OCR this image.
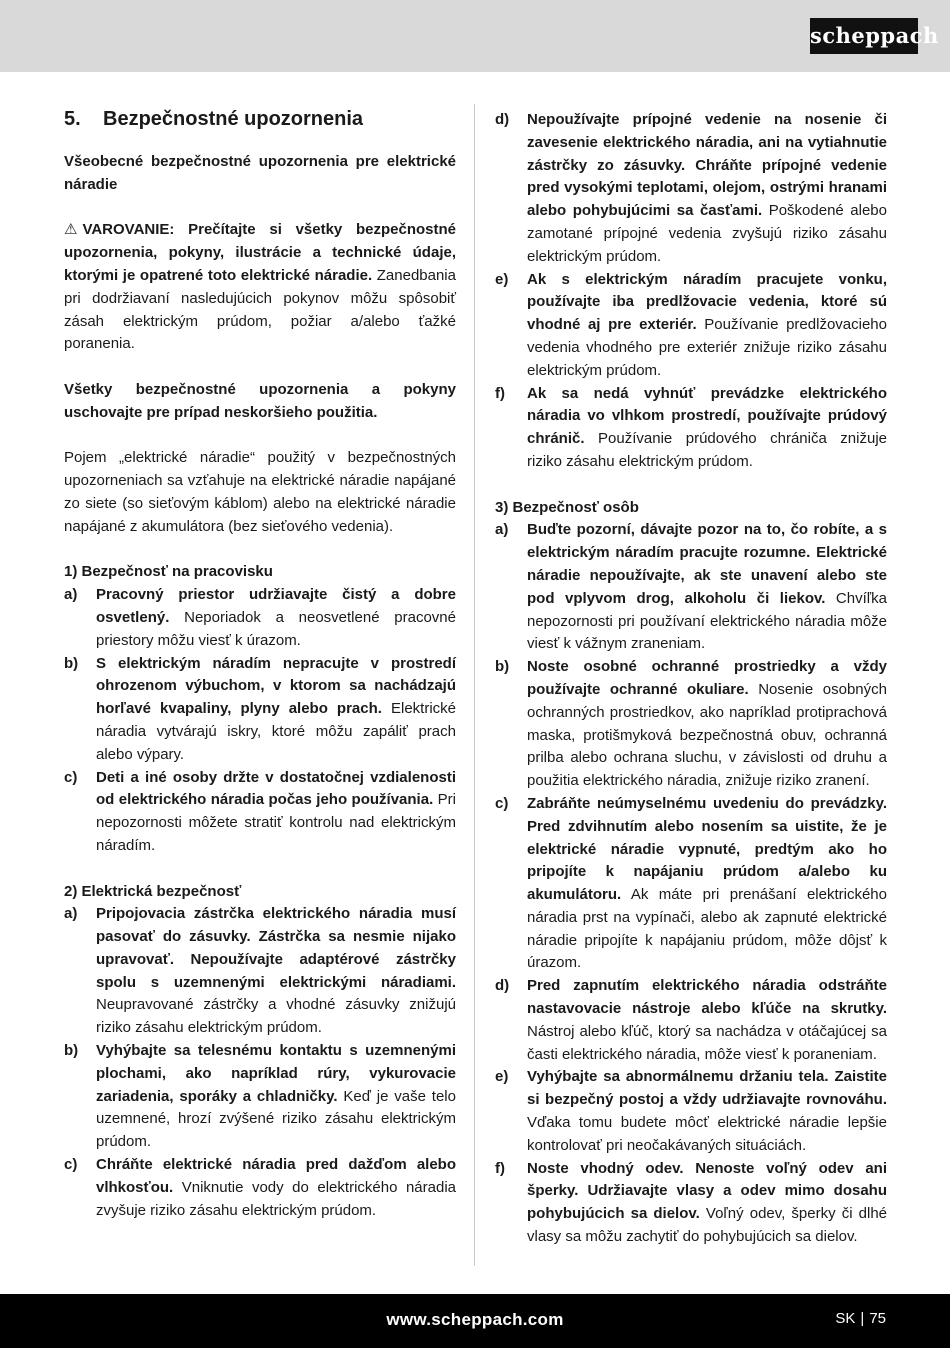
scheppach
5.	Bezpečnostné upozornenia

Všeobecné bezpečnostné upozornenia pre elektrické náradie

⚠ VAROVANIE: Prečítajte si všetky bezpečnostné upozornenia, pokyny, ilustrácie a technické údaje, ktorými je opatrené toto elektrické náradie. Zanedbania pri dodržiavaní nasledujúcich pokynov môžu spôsobiť zásah elektrickým prúdom, požiar a/alebo ťažké poranenia.

Všetky bezpečnostné upozornenia a pokyny uschovajte pre prípad neskoršieho použitia.

Pojem „elektrické náradie“ použitý v bezpečnostných upozorneniach sa vzťahuje na elektrické náradie napájané zo siete (so sieťovým káblom) alebo na elektrické náradie napájané z akumulátora (bez sieťového vedenia).

1) Bezpečnosť na pracovisku

a)	Pracovný priestor udržiavajte čistý a dobre osvetlený. Neporiadok a neosvetlené pracovné priestory môžu viesť k úrazom.
b)	S elektrickým náradím nepracujte v prostredí ohrozenom výbuchom, v ktorom sa nachádzajú horľavé kvapaliny, plyny alebo prach. Elektrické náradia vytvárajú iskry, ktoré môžu zapáliť prach alebo výpary.
c)	Deti a iné osoby držte v dostatočnej vzdialenosti od elektrického náradia počas jeho používania. Pri nepozornosti môžete stratiť kontrolu nad elektrickým náradím.

2) Elektrická bezpečnosť

a)	Pripojovacia zástrčka elektrického náradia musí pasovať do zásuvky. Zástrčka sa nesmie nijako upravovať. Nepoužívajte adaptérové zástrčky spolu s uzemnenými elektrickými náradiami. Neupravované zástrčky a vhodné zásuvky znižujú riziko zásahu elektrickým prúdom.
b)	Vyhýbajte sa telesnému kontaktu s uzemnenými plochami, ako napríklad rúry, vykurovacie zariadenia, sporáky a chladničky. Keď je vaše telo uzemnené, hrozí zvýšené riziko zásahu elektrickým prúdom.
c)	Chráňte elektrické náradia pred dažďom alebo vlhkosťou. Vniknutie vody do elektrického náradia zvyšuje riziko zásahu elektrickým prúdom.
d)	Nepoužívajte prípojné vedenie na nosenie či zavesenie elektrického náradia, ani na vytiahnutie zástrčky zo zásuvky. Chráňte prípojné vedenie pred vysokými teplotami, olejom, ostrými hranami alebo pohybujúcimi sa časťami. Poškodené alebo zamotané prípojné vedenia zvyšujú riziko zásahu elektrickým prúdom.
e)	Ak s elektrickým náradím pracujete vonku, používajte iba predlžovacie vedenia, ktoré sú vhodné aj pre exteriér. Používanie predlžovacieho vedenia vhodného pre exteriér znižuje riziko zásahu elektrickým prúdom.
f)	Ak sa nedá vyhnúť prevádzke elektrického náradia vo vlhkom prostredí, používajte prúdový chránič. Používanie prúdového chrániča znižuje riziko zásahu elektrickým prúdom.

3) Bezpečnosť osôb

a)	Buďte pozorní, dávajte pozor na to, čo robíte, a s elektrickým náradím pracujte rozumne. Elektrické náradie nepoužívajte, ak ste unavení alebo ste pod vplyvom drog, alkoholu či liekov. Chvíľka nepozornosti pri používaní elektrického náradia môže viesť k vážnym zraneniam.
b)	Noste osobné ochranné prostriedky a vždy používajte ochranné okuliare. Nosenie osobných ochranných prostriedkov, ako napríklad protiprachová maska, protišmyková bezpečnostná obuv, ochranná prilba alebo ochrana sluchu, v závislosti od druhu a použitia elektrického náradia, znižuje riziko zranení.
c)	Zabráňte neúmyselnému uvedeniu do prevádzky. Pred zdvihnutím alebo nosením sa uistite, že je elektrické náradie vypnuté, predtým ako ho pripojíte k napájaniu prúdom a/alebo ku akumulátoru. Ak máte pri prenášaní elektrického náradia prst na vypínači, alebo ak zapnuté elektrické náradie pripojíte k napájaniu prúdom, môže dôjsť k úrazom.
d)	Pred zapnutím elektrického náradia odstráňte nastavovacie nástroje alebo kľúče na skrutky. Nástroj alebo kľúč, ktorý sa nachádza v otáčajúcej sa časti elektrického náradia, môže viesť k poraneniam.
e)	Vyhýbajte sa abnormálnemu držaniu tela. Zaistite si bezpečný postoj a vždy udržiavajte rovnováhu. Vďaka tomu budete môcť elektrické náradie lepšie kontrolovať pri neočakávaných situáciách.
f)	Noste vhodný odev. Nenoste voľný odev ani šperky. Udržiavajte vlasy a odev mimo dosahu pohybujúcich sa dielov. Voľný odev, šperky či dlhé vlasy sa môžu zachytiť do pohybujúcich sa dielov.
www.scheppach.com	SK | 75
